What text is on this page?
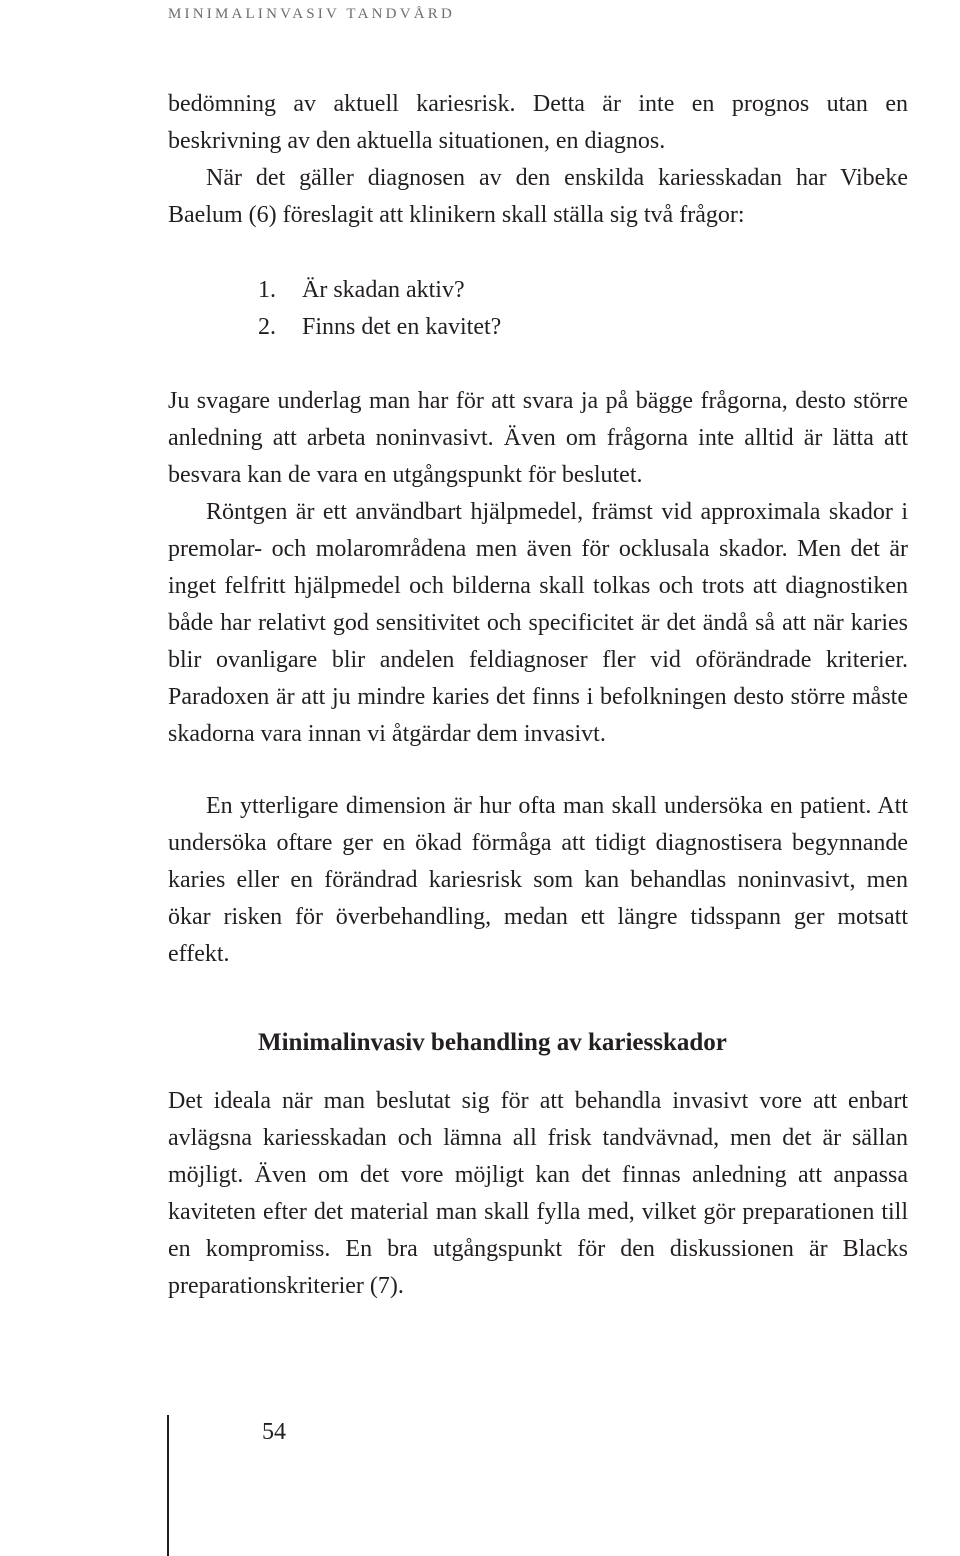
MINIMALINVASIV TANDVÅRD

bedömning av aktuell kariesrisk. Detta är inte en prognos utan en beskrivning av den aktuella situationen, en diagnos.

När det gäller diagnosen av den enskilda kariesskadan har Vibeke Baelum (6) föreslagit att klinikern skall ställa sig två frågor:

1. Är skadan aktiv?
2. Finns det en kavitet?

Ju svagare underlag man har för att svara ja på bägge frågorna, desto större anledning att arbeta noninvasivt. Även om frågorna inte alltid är lätta att besvara kan de vara en utgångspunkt för beslutet.

Röntgen är ett användbart hjälpmedel, främst vid approximala skador i premolar- och molarområdena men även för ocklusala skador. Men det är inget felfritt hjälpmedel och bilderna skall tolkas och trots att diagnostiken både har relativt god sensitivitet och specificitet är det ändå så att när karies blir ovanligare blir andelen feldiagnoser fler vid oförändrade kriterier. Paradoxen är att ju mindre karies det finns i befolkningen desto större måste skadorna vara innan vi åtgärdar dem invasivt.

En ytterligare dimension är hur ofta man skall undersöka en patient. Att undersöka oftare ger en ökad förmåga att tidigt diagnostisera begynnande karies eller en förändrad kariesrisk som kan behandlas noninvasivt, men ökar risken för överbehandling, medan ett längre tidsspann ger motsatt effekt.

Minimalinvasiv behandling av kariesskador

Det ideala när man beslutat sig för att behandla invasivt vore att enbart avlägsna kariesskadan och lämna all frisk tandvävnad, men det är sällan möjligt. Även om det vore möjligt kan det finnas anledning att anpassa kaviteten efter det material man skall fylla med, vilket gör preparationen till en kompromiss. En bra utgångspunkt för den diskussionen är Blacks preparationskriterier (7).

54
